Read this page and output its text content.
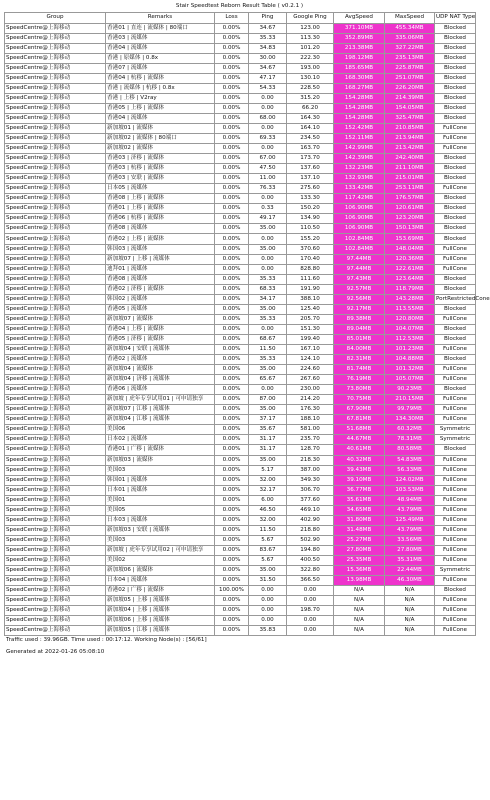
Stair Speedtest Reborn Result Table ( v0.2.1 )
Group	Remarks	Loss	Ping	Google Ping	AvgSpeed	MaxSpeed	UDP NAT Type
SpeedCentre@上海移动	香港01 | 直连 | 流媒体 | 80端口	0.00%	34.67	123.00	371.10MB	455.34MB	Blocked
SpeedCentre@上海移动	香港03 | 流媒体	0.00%	35.33	113.30	352.89MB	335.06MB	Blocked
SpeedCentre@上海移动	香港04 | 流媒体	0.00%	34.83	101.20	213.38MB	327.22MB	Blocked
SpeedCentre@上海移动	香港 | 原媒体 | 0.8x	0.00%	30.00	222.30	198.12MB	235.13MB	Blocked
SpeedCentre@上海移动	香港07 | 流媒体	0.00%	34.67	193.00	185.65MB	225.87MB	Blocked
SpeedCentre@上海移动	香港04 | 杭移 | 流媒体	0.00%	47.17	130.10	168.30MB	251.07MB	Blocked
SpeedCentre@上海移动	香港 | 流媒体 | 杭移 | 0.8x	0.00%	54.33	228.50	168.27MB	226.20MB	Blocked
SpeedCentre@上海移动	香港 | 上移 | V2ray	0.00%	0.00	315.20	154.28MB	214.39MB	Blocked
SpeedCentre@上海移动	香港05 | 上移 | 流媒体	0.00%	0.00	66.20	154.28MB	154.05MB	Blocked
SpeedCentre@上海移动	香港04 | 流媒体	0.00%	68.00	164.30	154.28MB	325.47MB	Blocked
SpeedCentre@上海移动	新加坡01 | 流媒体	0.00%	0.00	164.10	152.42MB	210.85MB	FullCone
SpeedCentre@上海移动	新加坡02 | 流媒体 | 80端口	0.00%	69.33	234.50	152.11MB	213.94MB	FullCone
SpeedCentre@上海移动	新加坡02 | 流媒体	0.00%	0.00	163.70	142.99MB	213.42MB	FullCone
SpeedCentre@上海移动	香港03 | 济移 | 流媒体	0.00%	67.00	173.70	142.39MB	242.40MB	Blocked
SpeedCentre@上海移动	香港03 | 杭移 | 流媒体	0.00%	47.50	137.60	132.23MB	211.10MB	Blocked
SpeedCentre@上海移动	香港03 | 安联 | 流媒体	0.00%	11.00	137.10	132.93MB	215.01MB	Blocked
SpeedCentre@上海移动	日本05 | 流媒体	0.00%	76.33	275.60	133.42MB	253.11MB	FullCone
SpeedCentre@上海移动	香港08 | 上移 | 流媒体	0.00%	0.00	133.30	117.42MB	176.57MB	Blocked
SpeedCentre@上海移动	香港01 | 上移 | 流媒体	0.00%	0.33	150.20	106.90MB	120.61MB	Blocked
SpeedCentre@上海移动	香港06 | 杭移 | 流媒体	0.00%	49.17	134.90	106.90MB	123.20MB	Blocked
SpeedCentre@上海移动	香港08 | 流媒体	0.00%	35.00	110.50	106.90MB	150.13MB	Blocked
SpeedCentre@上海移动	香港02 | 上移 | 流媒体	0.00%	0.00	155.20	102.84MB	153.69MB	Blocked
SpeedCentre@上海移动	韩国03 | 流媒体	0.00%	35.00	370.60	102.84MB	148.04MB	FullCone
SpeedCentre@上海移动	新加坡07 | 上移 | 流媒体	0.00%	0.00	170.40	97.44MB	120.36MB	FullCone
SpeedCentre@上海移动	迪拜01 | 流媒体	0.00%	0.00	828.80	97.44MB	122.61MB	FullCone
SpeedCentre@上海移动	香港08 | 流媒体	0.00%	35.33	111.60	97.43MB	123.64MB	Blocked
SpeedCentre@上海移动	香港02 | 济移 | 流媒体	0.00%	68.33	191.90	92.57MB	118.79MB	Blocked
SpeedCentre@上海移动	韩国02 | 流媒体	0.00%	34.17	388.10	92.56MB	143.28MB	PortRestrictedCone
SpeedCentre@上海移动	香港05 | 流媒体	0.00%	35.00	125.40	92.17MB	113.55MB	Blocked
SpeedCentre@上海移动	新加坡07 | 流媒体	0.00%	35.33	205.70	89.38MB	120.80MB	FullCone
SpeedCentre@上海移动	香港04 | 上移 | 流媒体	0.00%	0.00	151.30	89.04MB	104.07MB	Blocked
SpeedCentre@上海移动	香港05 | 济移 | 流媒体	0.00%	68.67	199.40	85.01MB	112.53MB	Blocked
SpeedCentre@上海移动	新加坡04 | 安联 | 流媒体	0.00%	11.50	167.10	84.00MB	101.23MB	FullCone
SpeedCentre@上海移动	香港02 | 流媒体	0.00%	35.33	124.10	82.31MB	104.88MB	Blocked
SpeedCentre@上海移动	新加坡04 | 流媒体	0.00%	35.00	224.60	81.74MB	101.32MB	FullCone
SpeedCentre@上海移动	新加坡04 | 济移 | 流媒体	0.00%	65.67	267.60	76.19MB	105.07MB	FullCone
SpeedCentre@上海移动	香港06 | 流媒体	0.00%	0.00	230.00	73.80MB	90.23MB	Blocked
SpeedCentre@上海移动	新加坡 | 虎年专享试用01 | 可申请独享	0.00%	87.00	214.20	70.75MB	210.15MB	FullCone
SpeedCentre@上海移动	新加坡07 | 江移 | 流媒体	0.00%	35.00	176.30	67.90MB	99.79MB	FullCone
SpeedCentre@上海移动	新加坡04 | 江移 | 流媒体	0.00%	37.17	188.10	67.81MB	134.30MB	FullCone
SpeedCentre@上海移动	美国06	0.00%	35.67	581.00	51.68MB	60.32MB	Symmetric
SpeedCentre@上海移动	日本02 | 流媒体	0.00%	31.17	235.70	44.67MB	78.31MB	Symmetric
SpeedCentre@上海移动	香港01 | 广移 | 流媒体	0.00%	31.17	128.70	40.61MB	80.58MB	Blocked
SpeedCentre@上海移动	新加坡03 | 流媒体	0.00%	35.00	218.30	40.32MB	54.83MB	FullCone
SpeedCentre@上海移动	美国03	0.00%	5.17	387.00	39.43MB	56.33MB	FullCone
SpeedCentre@上海移动	韩国01 | 流媒体	0.00%	32.00	349.30	39.10MB	124.02MB	FullCone
SpeedCentre@上海移动	日本01 | 流媒体	0.00%	32.17	306.70	36.77MB	103.53MB	FullCone
SpeedCentre@上海移动	美国01	0.00%	6.00	377.60	35.61MB	48.94MB	FullCone
SpeedCentre@上海移动	美国05	0.00%	46.50	469.10	34.65MB	43.79MB	FullCone
SpeedCentre@上海移动	日本03 | 流媒体	0.00%	32.00	402.90	31.80MB	125.49MB	FullCone
SpeedCentre@上海移动	新加坡03 | 安联 | 流媒体	0.00%	11.50	218.80	31.48MB	43.79MB	FullCone
SpeedCentre@上海移动	美国03	0.00%	5.67	502.90	25.27MB	33.56MB	FullCone
SpeedCentre@上海移动	新加坡 | 虎年专享试用02 | 可申请独享	0.00%	83.67	194.80	27.80MB	27.80MB	FullCone
SpeedCentre@上海移动	美国02	0.00%	5.67	400.50	25.35MB	35.31MB	FullCone
SpeedCentre@上海移动	新加坡06 | 流媒体	0.00%	35.00	322.80	15.36MB	22.44MB	Symmetric
SpeedCentre@上海移动	日本04 | 流媒体	0.00%	31.50	366.50	13.98MB	46.30MB	FullCone
SpeedCentre@上海移动	香港02 | 广移 | 流媒体	100.00%	0.00	0.00	N/A	N/A	Blocked
SpeedCentre@上海移动	新加坡05 | 上移 | 流媒体	0.00%	0.00	0.00	N/A	N/A	FullCone
SpeedCentre@上海移动	新加坡04 | 上移 | 流媒体	0.00%	0.00	198.70	N/A	N/A	FullCone
SpeedCentre@上海移动	新加坡06 | 上移 | 流媒体	0.00%	0.00	0.00	N/A	N/A	FullCone
SpeedCentre@上海移动	新加坡05 | 江移 | 流媒体	0.00%	35.83	0.00	N/A	N/A	FullCone
Traffic used : 39.96GB. Time used : 00:17:12. Working Node(s) : [56/61]
Generated at 2022-01-26 05:08:10
